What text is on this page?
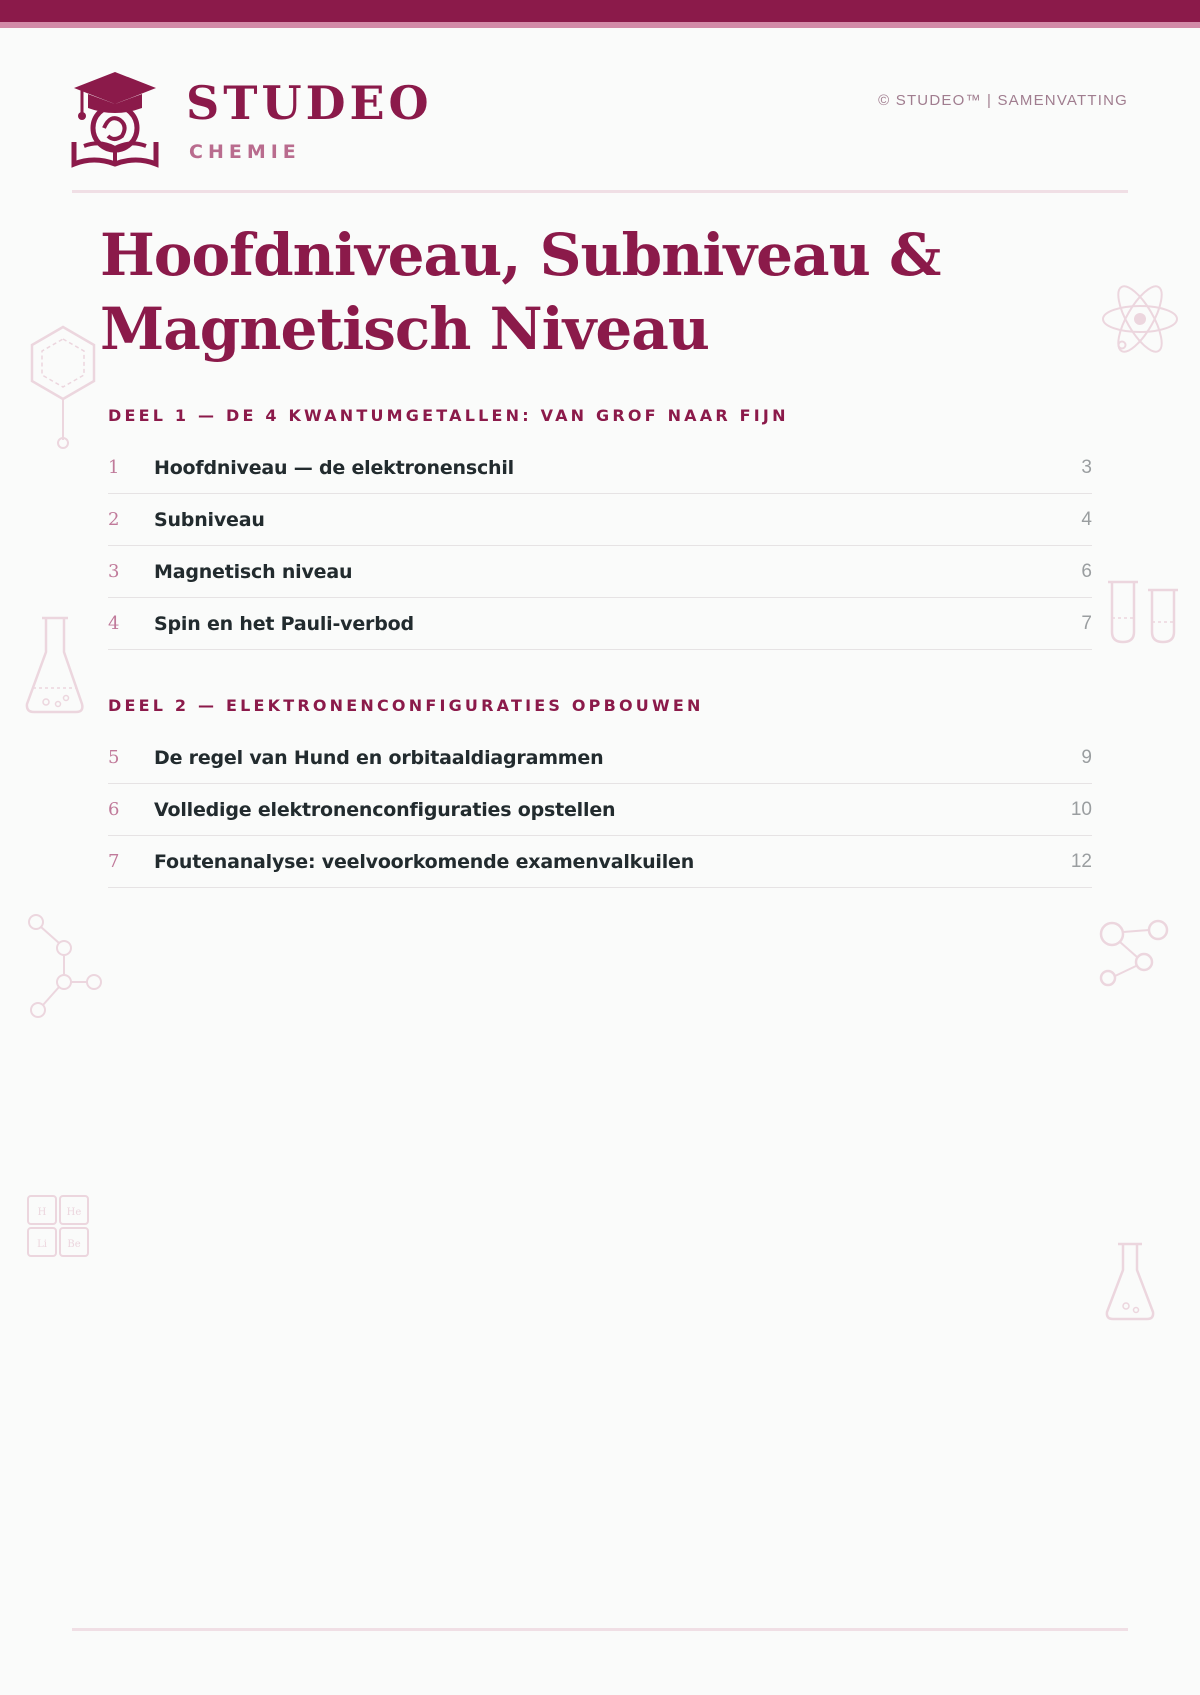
STUDEO
CHEMIE
© STUDEO™ | SAMENVATTING
Hoofdniveau, Subniveau & Magnetisch Niveau
DEEL 1 — DE 4 KWANTUMGETALLEN: VAN GROF NAAR FIJN
1	Hoofdniveau — de elektronenschil	3
2	Subniveau	4
3	Magnetisch niveau	6
4	Spin en het Pauli-verbod	7
DEEL 2 — ELEKTRONENCONFIGURATIES OPBOUWEN
5	De regel van Hund en orbitaaldiagrammen	9
6	Volledige elektronenconfiguraties opstellen	10
7	Foutenanalyse: veelvoorkomende examenvalkuilen	12
H He
Li Be
